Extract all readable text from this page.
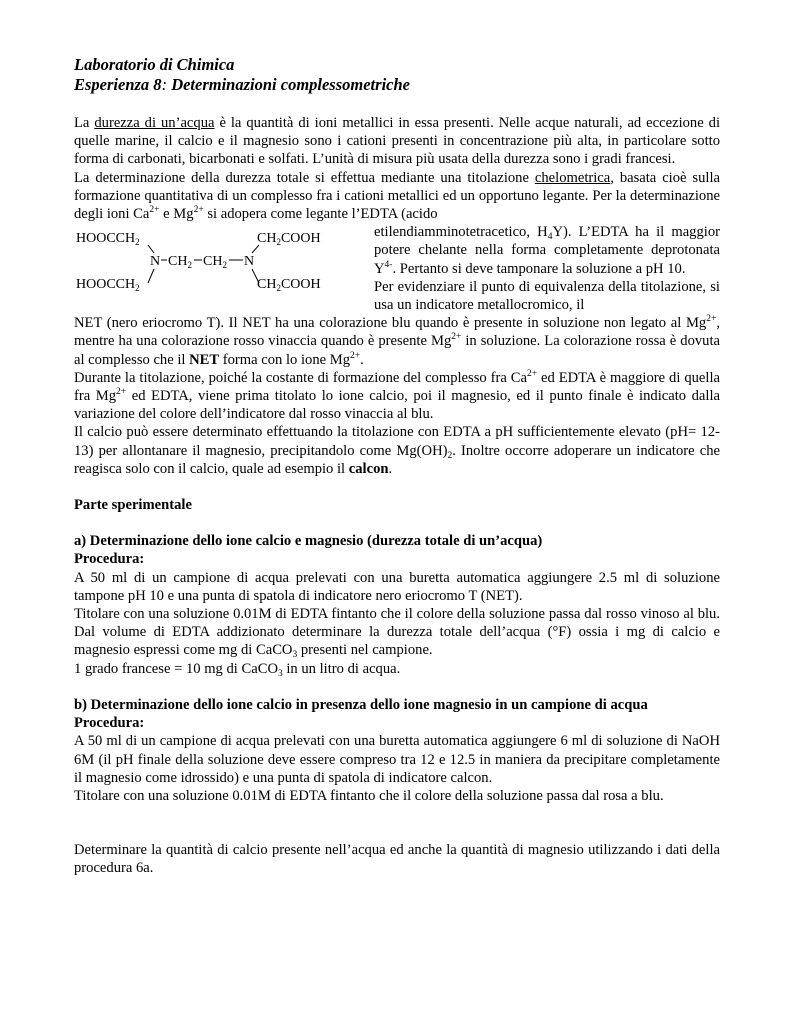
Laboratorio di Chimica
Esperienza 8: Determinazioni complessometriche

La durezza di un’acqua è la quantità di ioni metallici in essa presenti. Nelle acque naturali, ad eccezione di quelle marine, il calcio e il magnesio sono i cationi presenti in concentrazione più alta, in particolare sotto forma di carbonati, bicarbonati e solfati. L’unità di misura più usata della durezza sono i gradi francesi.

La determinazione della durezza totale si effettua mediante una titolazione chelometrica, basata cioè sulla formazione quantitativa di un complesso fra i cationi metallici ed un opportuno legante. Per la determinazione degli ioni $Ca^{2+}$ e $Mg^{2+}$ si adopera come legante l’EDTA (acido

$HOOCCH_2$
$HOOCCH_2$
$CH_2COOH$
$CH_2COOH$
N $CH_2$ $CH_2$ N

etilendiamminotetracetico, $H_4Y$). L’EDTA ha il maggior potere chelante nella forma completamente deprotonata $Y^{4-}$. Pertanto si deve tamponare la soluzione a pH 10.

Per evidenziare il punto di equivalenza della titolazione, si usa un indicatore metallocromico, il

NET (nero eriocromo T). Il NET ha una colorazione blu quando è presente in soluzione non legato al $Mg^{2+}$, mentre ha una colorazione rosso vinaccia quando è presente $Mg^{2+}$ in soluzione. La colorazione rossa è dovuta al complesso che il NET forma con lo ione $Mg^{2+}$.

Durante la titolazione, poiché la costante di formazione del complesso fra $Ca^{2+}$ ed EDTA è maggiore di quella fra $Mg^{2+}$ ed EDTA, viene prima titolato lo ione calcio, poi il magnesio, ed il punto finale è indicato dalla variazione del colore dell’indicatore dal rosso vinaccia al blu.

Il calcio può essere determinato effettuando la titolazione con EDTA a pH sufficientemente elevato (pH= 12-13) per allontanare il magnesio, precipitandolo come $Mg(OH)_2$. Inoltre occorre adoperare un indicatore che reagisca solo con il calcio, quale ad esempio il calcon.

Parte sperimentale

a) Determinazione dello ione calcio e magnesio (durezza totale di un’acqua)

Procedura:

A 50 ml di un campione di acqua prelevati con una buretta automatica aggiungere 2.5 ml di soluzione tampone pH 10 e una punta di spatola di indicatore nero eriocromo T (NET).

Titolare con una soluzione 0.01M di EDTA fintanto che il colore della soluzione passa dal rosso vinoso al blu. Dal volume di EDTA addizionato determinare la durezza totale dell’acqua (°F) ossia i mg di calcio e magnesio espressi come mg di CaCO$_3$ presenti nel campione.

1 grado francese = 10 mg di CaCO$_3$ in un litro di acqua.

b) Determinazione dello ione calcio in presenza dello ione magnesio in un campione di acqua

Procedura:

A 50 ml di un campione di acqua prelevati con una buretta automatica aggiungere 6 ml di soluzione di NaOH 6M (il pH finale della soluzione deve essere compreso tra 12 e 12.5 in maniera da precipitare completamente il magnesio come idrossido) e una punta di spatola di indicatore calcon.

Titolare con una soluzione 0.01M di EDTA fintanto che il colore della soluzione passa dal rosa a blu.

Determinare la quantità di calcio presente nell’acqua ed anche la quantità di magnesio utilizzando i dati della procedura 6a.
